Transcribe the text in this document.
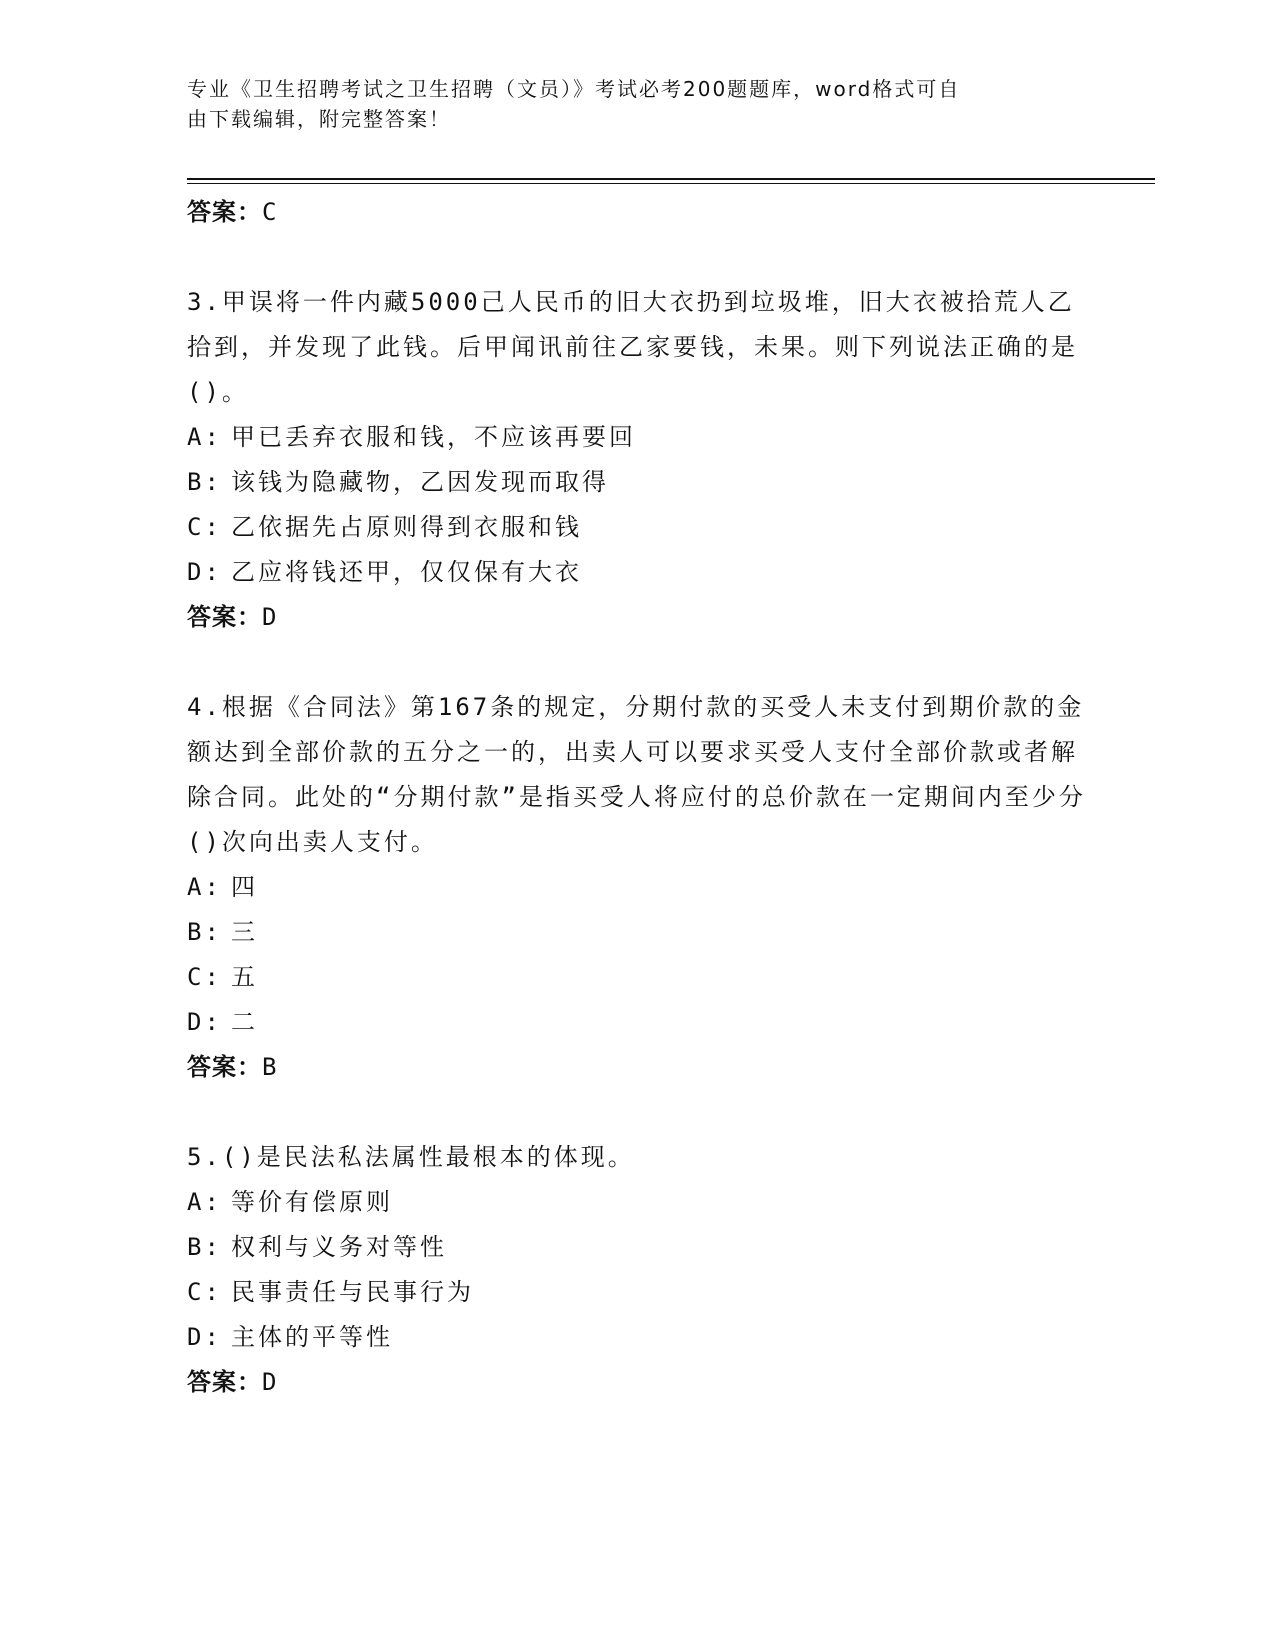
专业《卫生招聘考试之卫生招聘（文员）》考试必考200题题库，word格式可自
由下载编辑，附完整答案！
答案：C
3.甲误将一件内藏5000己人民币的旧大衣扔到垃圾堆，旧大衣被拾荒人乙拾到，并发现了此钱。后甲闻讯前往乙家要钱，未果。则下列说法正确的是()。
A: 甲已丢弃衣服和钱，不应该再要回
B: 该钱为隐藏物，乙因发现而取得
C: 乙依据先占原则得到衣服和钱
D: 乙应将钱还甲，仅仅保有大衣
答案：D
4.根据《合同法》第167条的规定，分期付款的买受人未支付到期价款的金额达到全部价款的五分之一的，出卖人可以要求买受人支付全部价款或者解除合同。此处的“分期付款”是指买受人将应付的总价款在一定期间内至少分()次向出卖人支付。
A: 四
B: 三
C: 五
D: 二
答案：B
5.()是民法私法属性最根本的体现。
A: 等价有偿原则
B: 权利与义务对等性
C: 民事责任与民事行为
D: 主体的平等性
答案：D
